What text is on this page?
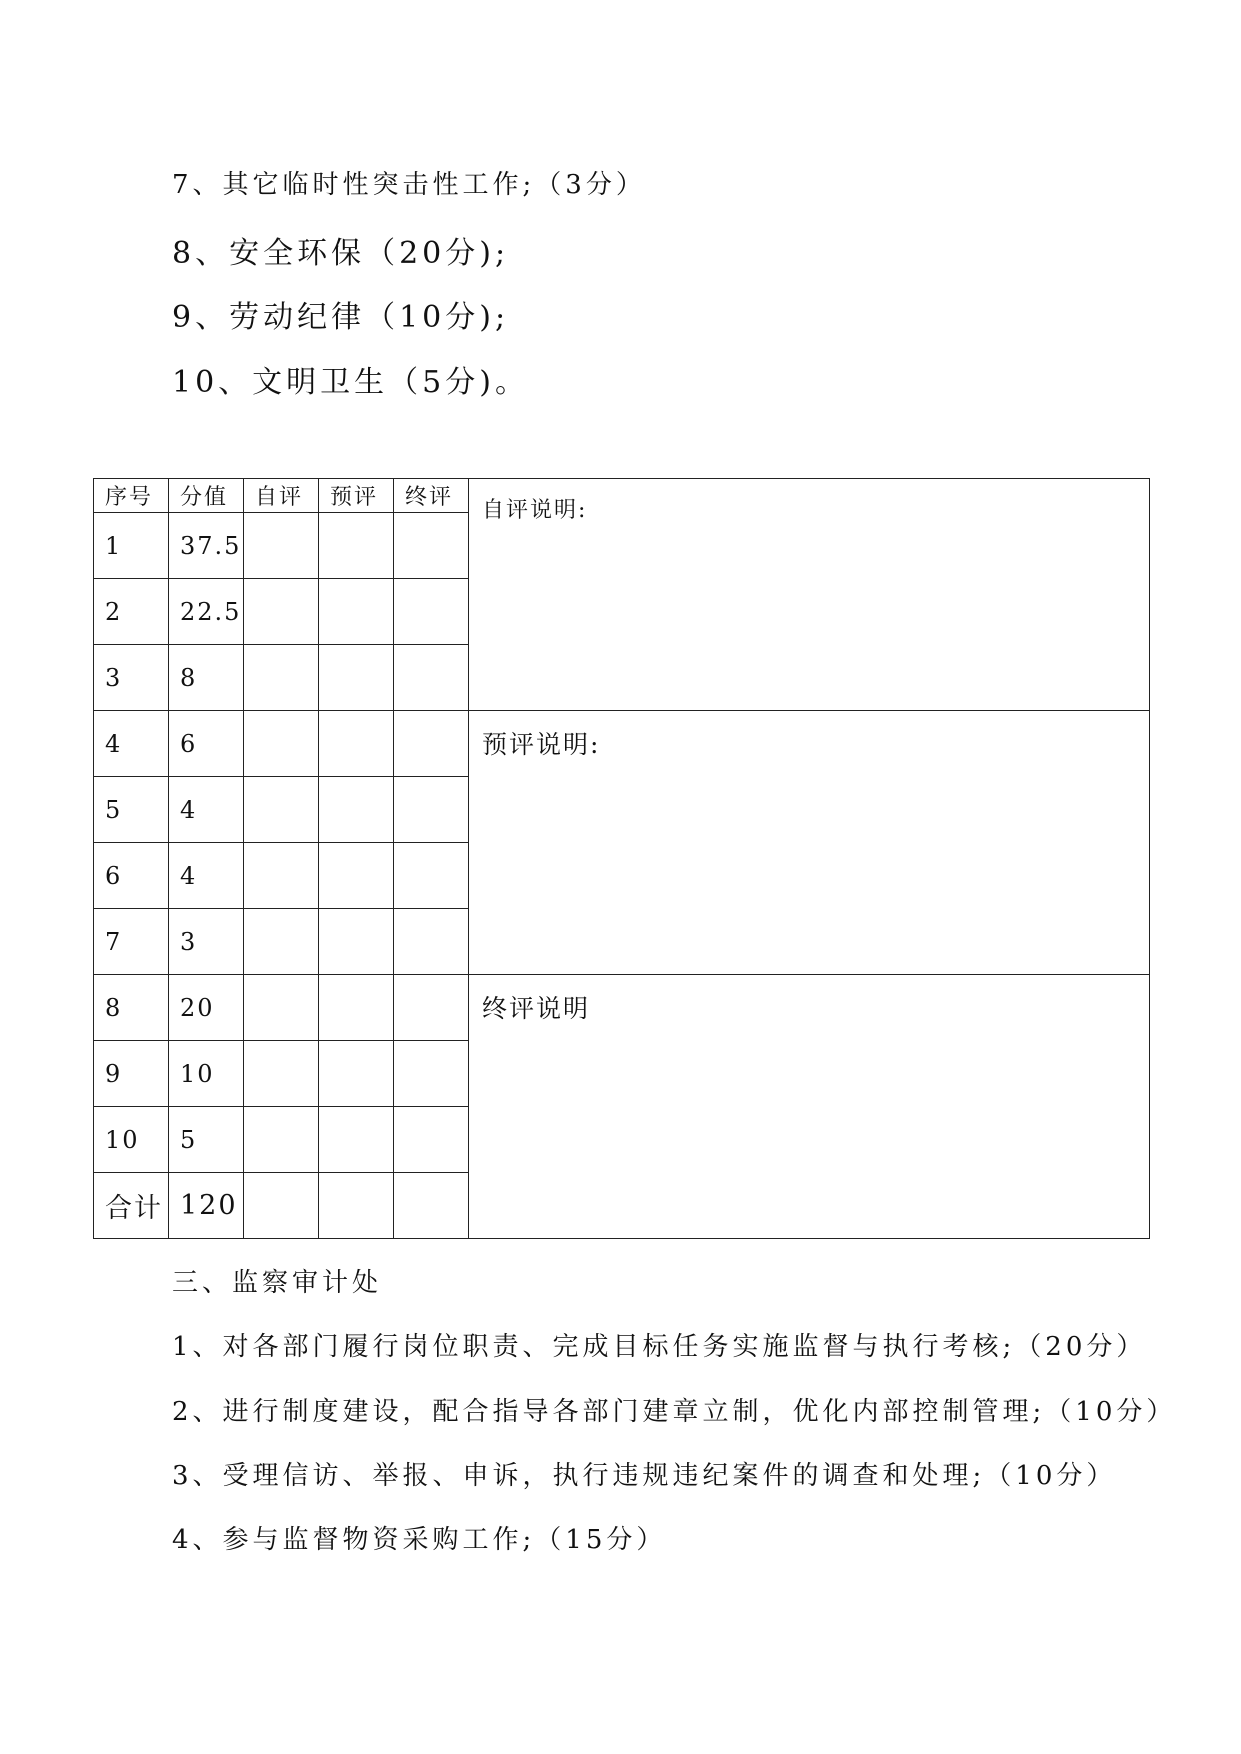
7、其它临时性突击性工作;（3分）
8、安全环保（20分);
9、劳动纪律（10分);
10、文明卫生（5分)。
序号	分值	自评	预评	终评	自评说明:
1	37.5				
2	22.5				
3	8				
4	6				预评说明:
5	4				
6	4				
7	3				
8	20				终评说明
9	10				
10	5				
合计	120				
三、监察审计处
1、对各部门履行岗位职责、完成目标任务实施监督与执行考核;（20分）
2、进行制度建设，配合指导各部门建章立制，优化内部控制管理;（10分）
3、受理信访、举报、申诉，执行违规违纪案件的调查和处理;（10分）
4、参与监督物资采购工作;（15分）
